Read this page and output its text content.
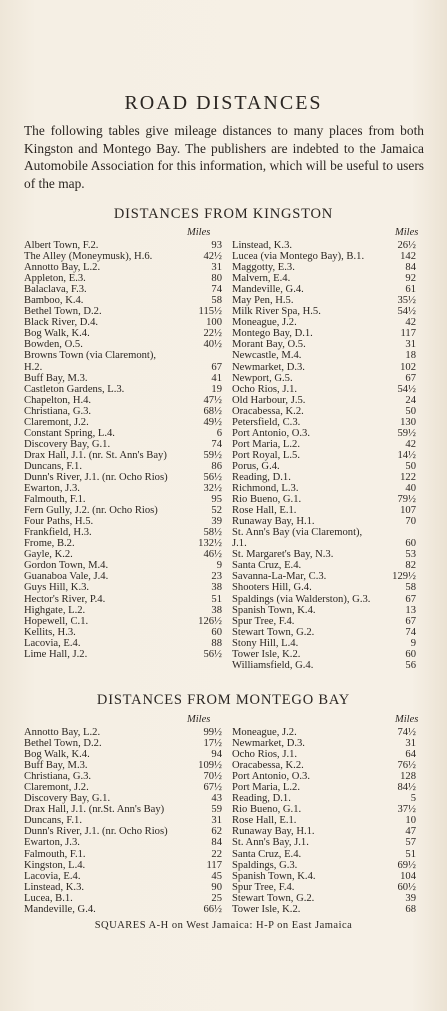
ROAD DISTANCES
The following tables give mileage distances to many places from both Kingston and Montego Bay. The publishers are indebted to the Jamaica Automobile Association for this information, which will be useful to users of the map.
DISTANCES FROM KINGSTON
Miles	Miles
Albert Town, F.2.	93
The Alley (Moneymusk), H.6.	42½
Annotto Bay, L.2.	31
Appleton, E.3.	80
Balaclava, F.3.	74
Bamboo, K.4.	58
Bethel Town, D.2.	115½
Black River, D.4.	100
Bog Walk, K.4.	22½
Bowden, O.5.	40½
Browns Town (via Claremont),
H.2.	67
Buff Bay, M.3.	41
Castleton Gardens, L.3.	19
Chapelton, H.4.	47½
Christiana, G.3.	68½
Claremont, J.2.	49½
Constant Spring, L.4.	6
Discovery Bay, G.1.	74
Drax Hall, J.1. (nr. St. Ann's Bay)	59½
Duncans, F.1.	86
Dunn's River, J.1. (nr. Ocho Rios)	56½
Ewarton, J.3.	32½
Falmouth, F.1.	95
Fern Gully, J.2. (nr. Ocho Rios)	52
Four Paths, H.5.	39
Frankfield, H.3.	58½
Frome, B.2.	132½
Gayle, K.2.	46½
Gordon Town, M.4.	9
Guanaboa Vale, J.4.	23
Guys Hill, K.3.	38
Hector's River, P.4.	51
Highgate, L.2.	38
Hopewell, C.1.	126½
Kellits, H.3.	60
Lacovia, E.4.	88
Lime Hall, J.2.	56½
Linstead, K.3.	26½
Lucea (via Montego Bay), B.1.	142
Maggotty, E.3.	84
Malvern, E.4.	92
Mandeville, G.4.	61
May Pen, H.5.	35½
Milk River Spa, H.5.	54½
Moneague, J.2.	42
Montego Bay, D.1.	117
Morant Bay, O.5.	31
Newcastle, M.4.	18
Newmarket, D.3.	102
Newport, G.5.	67
Ocho Rios, J.1.	54½
Old Harbour, J.5.	24
Oracabessa, K.2.	50
Petersfield, C.3.	130
Port Antonio, O.3.	59½
Port Maria, L.2.	42
Port Royal, L.5.	14½
Porus, G.4.	50
Reading, D.1.	122
Richmond, L.3.	40
Rio Bueno, G.1.	79½
Rose Hall, E.1.	107
Runaway Bay, H.1.	70
St. Ann's Bay (via Claremont),
J.1.	60
St. Margaret's Bay, N.3.	53
Santa Cruz, E.4.	82
Savanna-La-Mar, C.3.	129½
Shooters Hill, G.4.	58
Spaldings (via Walderston), G.3.	67
Spanish Town, K.4.	13
Spur Tree, F.4.	67
Stewart Town, G.2.	74
Stony Hill, L.4.	9
Tower Isle, K.2.	60
Williamsfield, G.4.	56
DISTANCES FROM MONTEGO BAY
Miles	Miles
Annotto Bay, L.2.	99½
Bethel Town, D.2.	17½
Bog Walk, K.4.	94
Buff Bay, M.3.	109½
Christiana, G.3.	70½
Claremont, J.2.	67½
Discovery Bay, G.1.	43
Drax Hall, J.1. (nr.St. Ann's Bay)	59
Duncans, F.1.	31
Dunn's River, J.1. (nr. Ocho Rios)	62
Ewarton, J.3.	84
Falmouth, F.1.	22
Kingston, L.4.	117
Lacovia, E.4.	45
Linstead, K.3.	90
Lucea, B.1.	25
Mandeville, G.4.	66½
Moneague, J.2.	74½
Newmarket, D.3.	31
Ocho Rios, J.1.	64
Oracabessa, K.2.	76½
Port Antonio, O.3.	128
Port Maria, L.2.	84½
Reading, D.1.	5
Rio Bueno, G.1.	37½
Rose Hall, E.1.	10
Runaway Bay, H.1.	47
St. Ann's Bay, J.1.	57
Santa Cruz, E.4.	51
Spaldings, G.3.	69½
Spanish Town, K.4.	104
Spur Tree, F.4.	60½
Stewart Town, G.2.	39
Tower Isle, K.2.	68
SQUARES A-H on West Jamaica: H-P on East Jamaica
